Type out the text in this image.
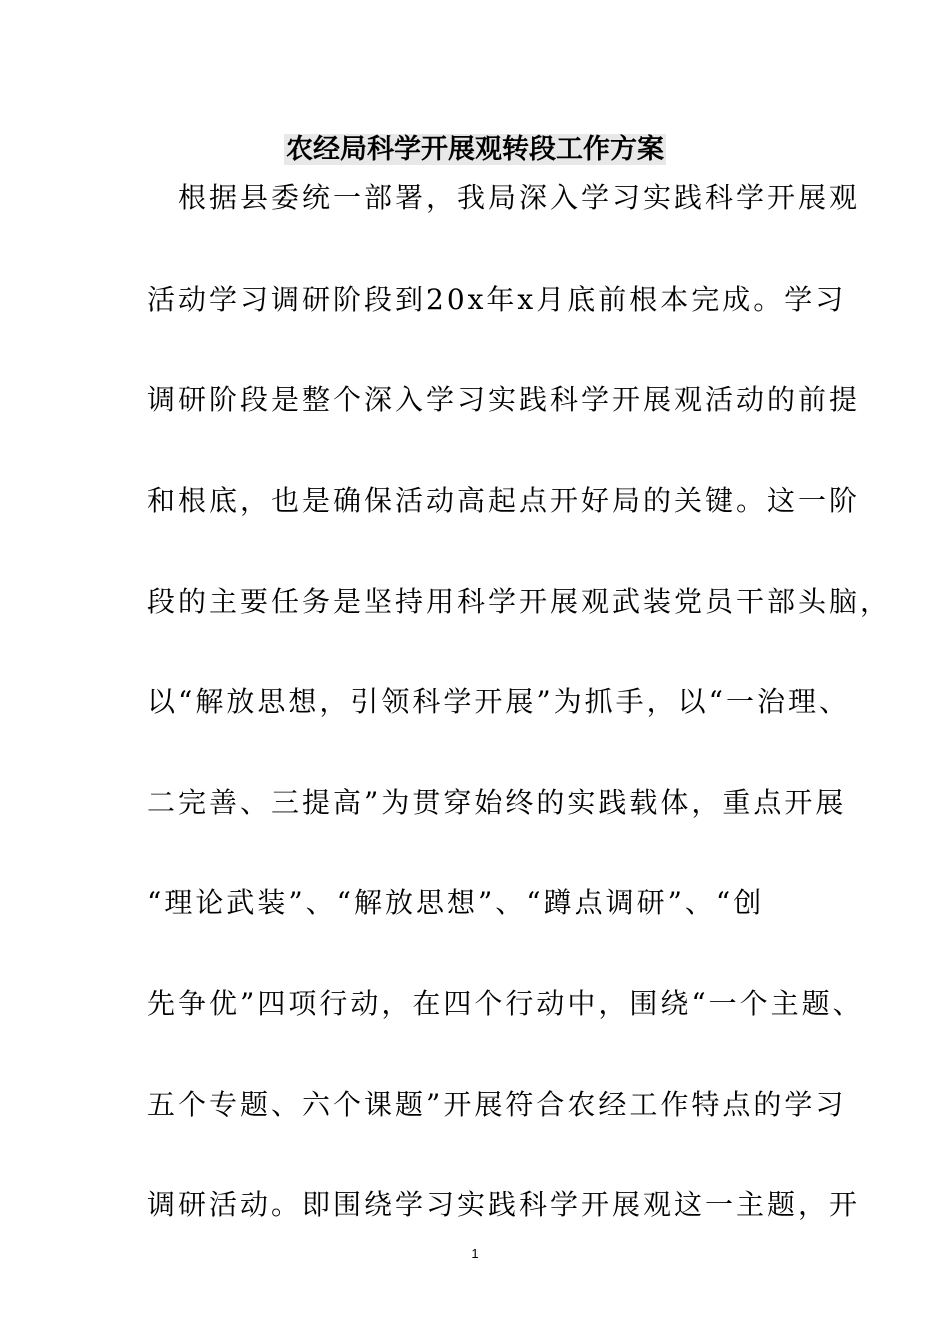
农经局科学开展观转段工作方案
　根据县委统一部署，我局深入学习实践科学开展观
活动学习调研阶段到20x年x月底前根本完成。学习
调研阶段是整个深入学习实践科学开展观活动的前提
和根底，也是确保活动高起点开好局的关键。这一阶
段的主要任务是坚持用科学开展观武装党员干部头脑，
以“解放思想，引领科学开展”为抓手，以“一治理、
二完善、三提高”为贯穿始终的实践载体，重点开展
“理论武装”、“解放思想”、“蹲点调研”、“创
先争优”四项行动，在四个行动中，围绕“一个主题、
五个专题、六个课题”开展符合农经工作特点的学习
调研活动。即围绕学习实践科学开展观这一主题，开
1
